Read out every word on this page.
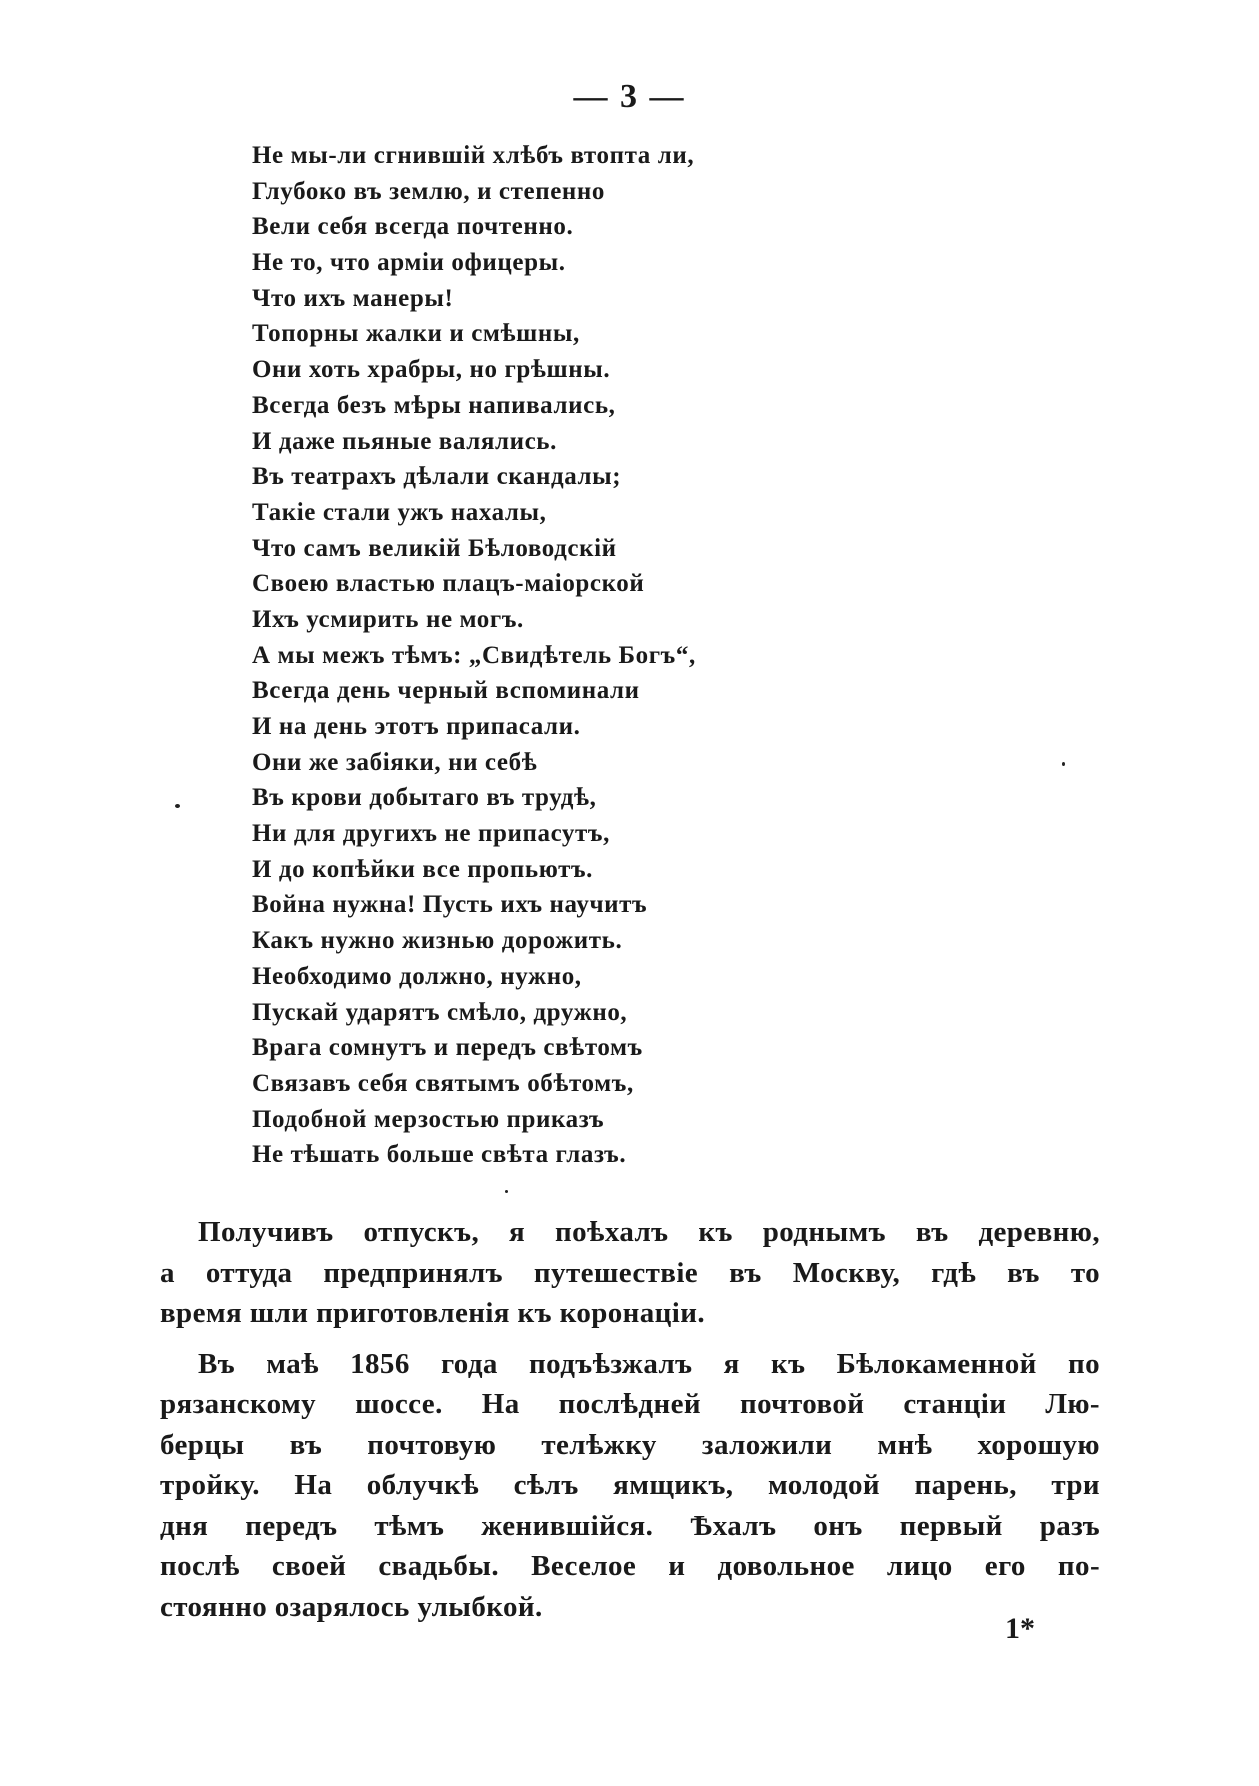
— 3 —
Не мы-ли сгнившій хлѣбъ втопта ли,
Глубоко въ землю, и степенно
Вели себя всегда почтенно.
Не то, что арміи офицеры.
Что ихъ манеры!
Топорны жалки и смѣшны,
Они хоть храбры, но грѣшны.
Всегда безъ мѣры напивались,
И даже пьяные валялись.
Въ театрахъ дѣлали скандалы;
Такіе стали ужъ нахалы,
Что самъ великій Бѣловодскій
Своею властью плацъ-маіорской
Ихъ усмирить не могъ.
А мы межъ тѣмъ: „Свидѣтель Богъ“,
Всегда день черный вспоминали
И на день этотъ припасали.
Они же забіяки, ни себѣ
Въ крови добытаго въ трудѣ,
Ни для другихъ не припасутъ,
И до копѣйки все пропьютъ.
Война нужна! Пусть ихъ научитъ
Какъ нужно жизнью дорожить.
Необходимо должно, нужно,
Пускай ударятъ смѣло, дружно,
Врага сомнутъ и передъ свѣтомъ
Связавъ себя святымъ обѣтомъ,
Подобной мерзостью приказъ
Не тѣшать больше свѣта глазъ.
Получивъ отпускъ, я поѣхалъ къ роднымъ въ деревню,
а оттуда предпринялъ путешествіе въ Москву, гдѣ въ то
время шли приготовленія къ коронаціи.
Въ маѣ 1856 года подъѣзжалъ я къ Бѣлокаменной по
рязанскому шоссе. На послѣдней почтовой станціи Лю-
берцы въ почтовую телѣжку заложили мнѣ хорошую
тройку. На облучкѣ сѣлъ ямщикъ, молодой парень, три
дня передъ тѣмъ женившійся. Ѣхалъ онъ первый разъ
послѣ своей свадьбы. Веселое и довольное лицо его по-
стоянно озарялось улыбкой.
1*
